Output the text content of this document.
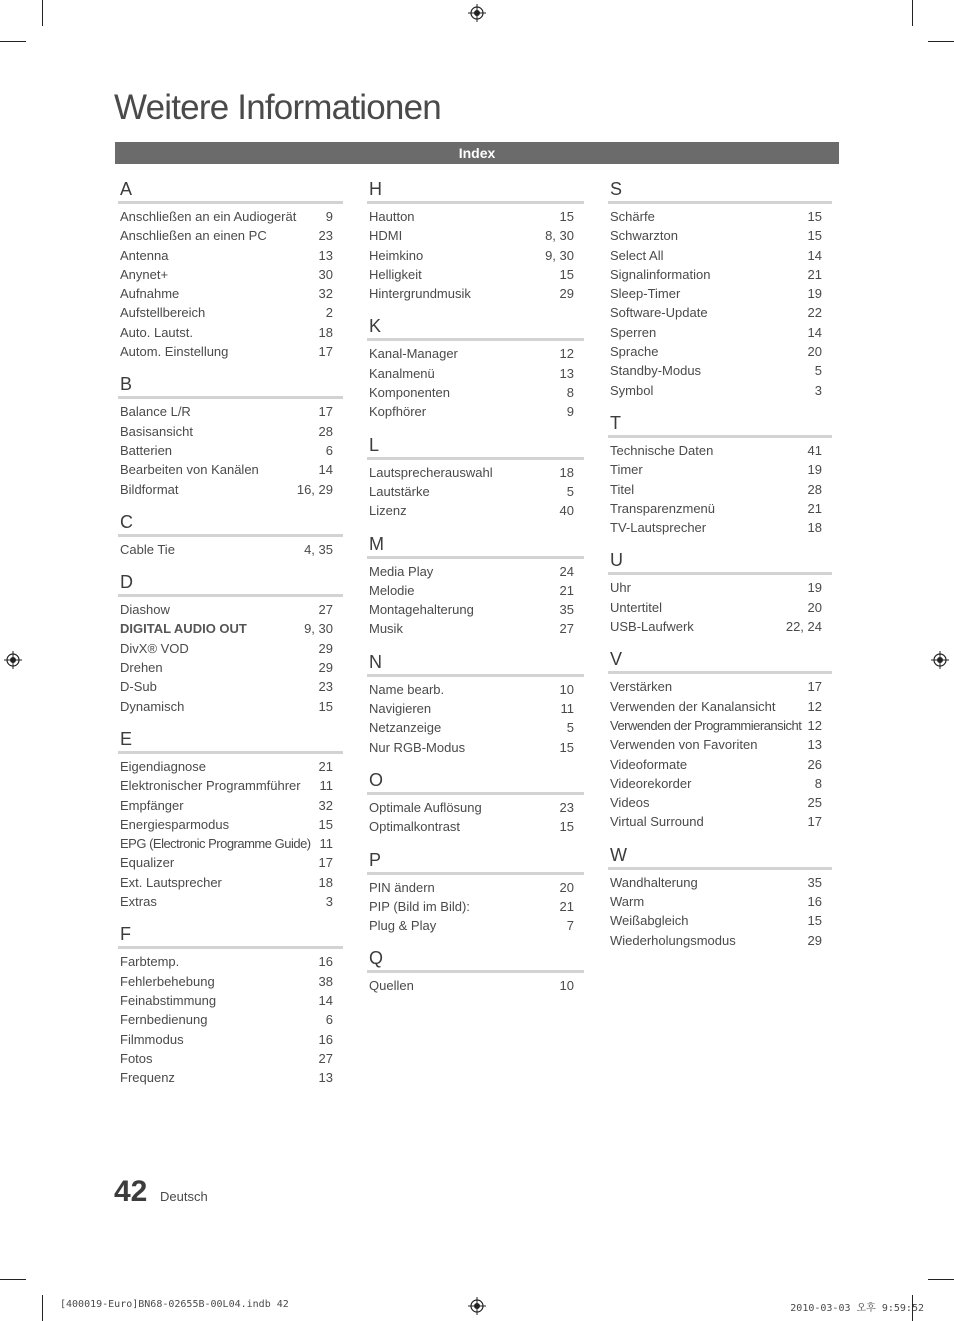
Weitere Informationen
Index
A
Anschließen an ein Audiogerät 9
Anschließen an einen PC	23
Antenna	13
Anynet+	30
Aufnahme	32
Aufstellbereich	2
Auto. Lautst.	18
Autom. Einstellung	17
B
Balance L/R	17
Basisansicht	28
Batterien	6
Bearbeiten von Kanälen	14
Bildformat	16, 29
C
Cable Tie	4, 35
D
Diashow	27
DIGITAL AUDIO OUT	9, 30
DivX® VOD	29
Drehen	29
D-Sub	23
Dynamisch	15
E
Eigendiagnose	21
Elektronischer Programmführer 11
Empfänger	32
Energiesparmodus	15
EPG (Electronic Programme Guide) 11
Equalizer	17
Ext. Lautsprecher	18
Extras	3
F
Farbtemp.	16
Fehlerbehebung	38
Feinabstimmung	14
Fernbedienung	6
Filmmodus	16
Fotos	27
Frequenz	13
H
Hautton	15
HDMI	8, 30
Heimkino	9, 30
Helligkeit	15
Hintergrundmusik	29
K
Kanal-Manager	12
Kanalmenü	13
Komponenten	8
Kopfhörer	9
L
Lautsprecherauswahl	18
Lautstärke	5
Lizenz	40
M
Media Play	24
Melodie	21
Montagehalterung	35
Musik	27
N
Name bearb.	10
Navigieren	11
Netzanzeige	5
Nur RGB-Modus	15
O
Optimale Auflösung	23
Optimalkontrast	15
P
PIN ändern	20
PIP (Bild im Bild):	21
Plug & Play	7
Q
Quellen	10
S
Schärfe	15
Schwarzton	15
Select All	14
Signalinformation	21
Sleep-Timer	19
Software-Update	22
Sperren	14
Sprache	20
Standby-Modus	5
Symbol	3
T
Technische Daten	41
Timer	19
Titel	28
Transparenzmenü	21
TV-Lautsprecher	18
U
Uhr	19
Untertitel	20
USB-Laufwerk	22, 24
V
Verstärken	17
Verwenden der Kanalansicht 12
Verwenden der Programmieransicht 12
Verwenden von Favoriten	13
Videoformate	26
Videorekorder	8
Videos	25
Virtual Surround	17
W
Wandhalterung	35
Warm	16
Weißabgleich	15
Wiederholungsmodus	29
42 Deutsch
[400019-Euro]BN68-02655B-00L04.indb 42	2010-03-03 오후 9:59:52
